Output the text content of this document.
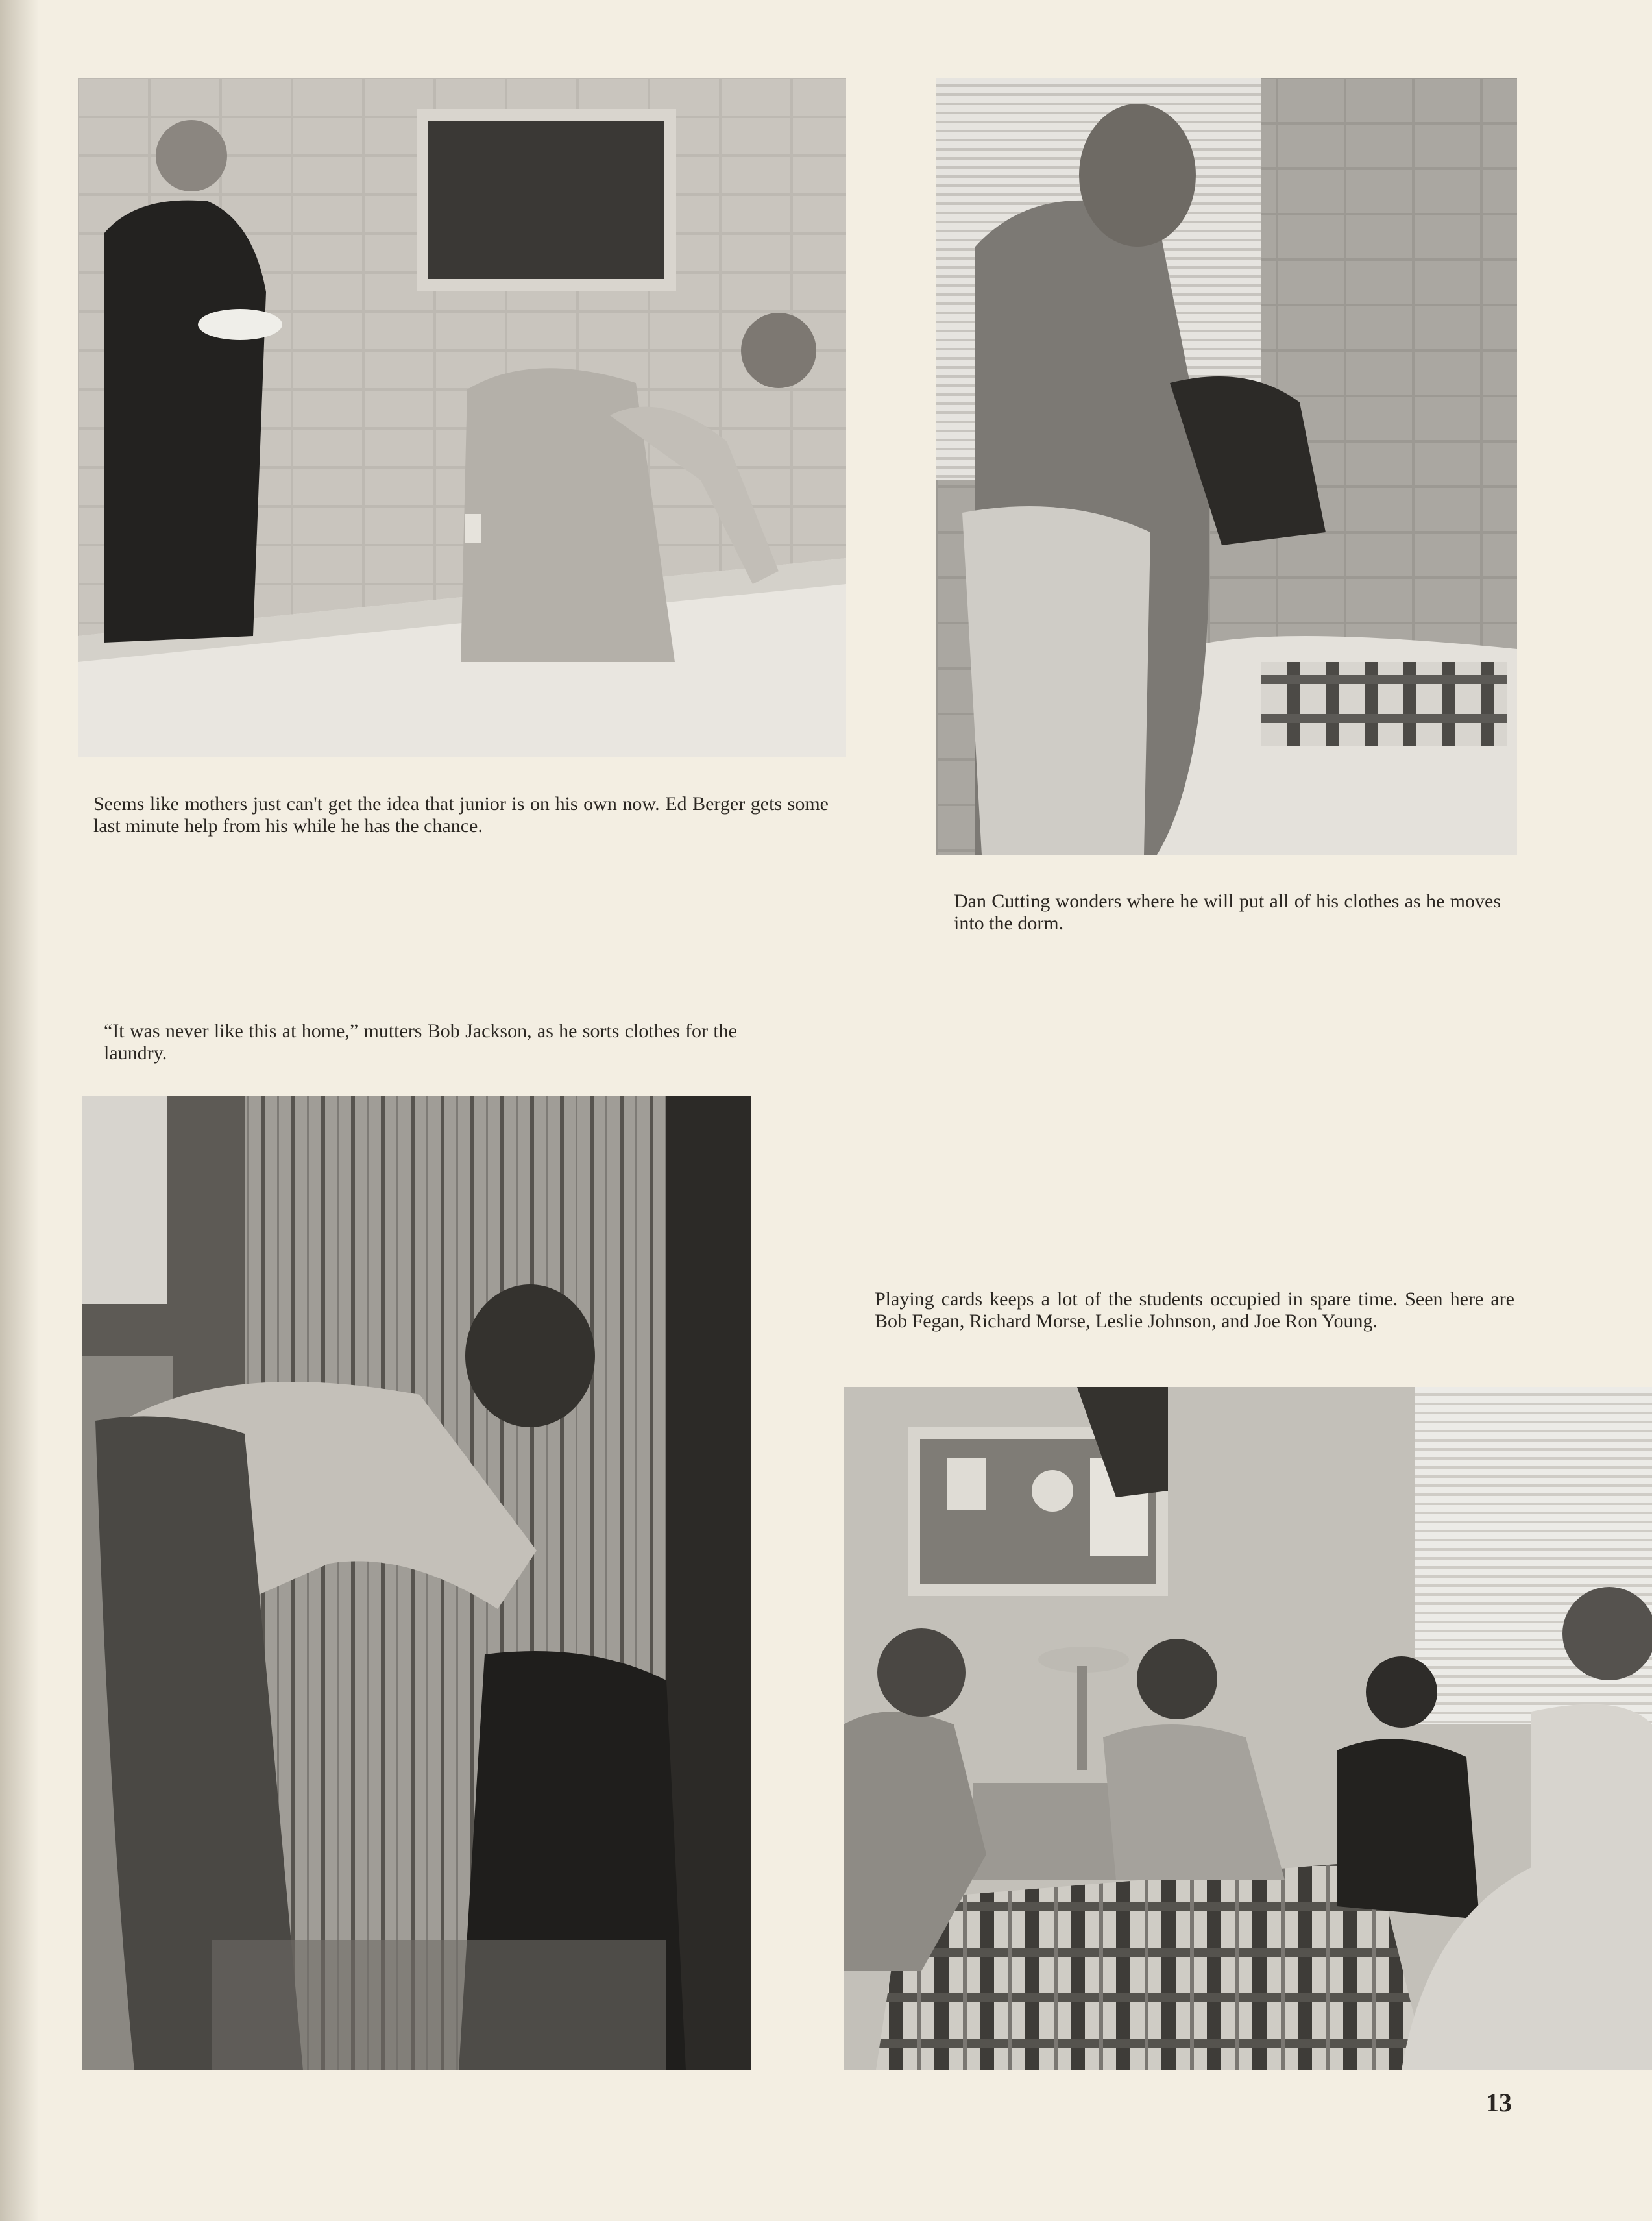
Seems like mothers just can't get the idea that junior is on his own now. Ed Berger gets some last minute help from his while he has the chance.
Dan Cutting wonders where he will put all of his clothes as he moves into the dorm.
“It was never like this at home,” mutters Bob Jackson, as he sorts clothes for the laundry.
Playing cards keeps a lot of the students occupied in spare time. Seen here are Bob Fegan, Richard Morse, Leslie Johnson, and Joe Ron Young.
13
